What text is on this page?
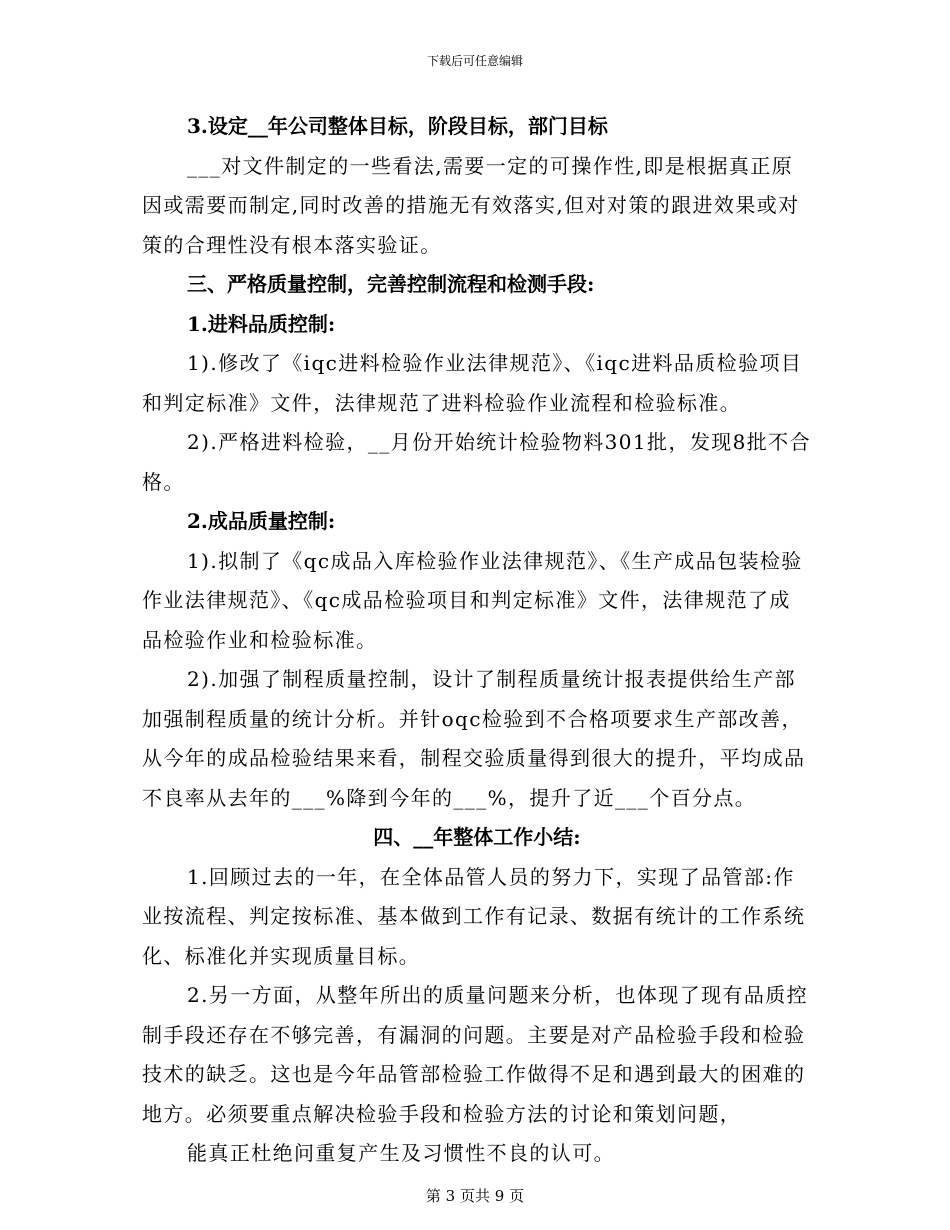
下载后可任意编辑

3.设定__年公司整体目标，阶段目标，部门目标

___对文件制定的一些看法,需要一定的可操作性,即是根据真正原因或需要而制定,同时改善的措施无有效落实,但对对策的跟进效果或对策的合理性没有根本落实验证。

三、严格质量控制，完善控制流程和检测手段:

1.进料品质控制:

1).修改了《iqc进料检验作业法律规范》、《iqc进料品质检验项目和判定标准》文件，法律规范了进料检验作业流程和检验标准。

2).严格进料检验，__月份开始统计检验物料301批，发现8批不合格。

2.成品质量控制:

1).拟制了《qc成品入库检验作业法律规范》、《生产成品包装检验作业法律规范》、《qc成品检验项目和判定标准》文件，法律规范了成品检验作业和检验标准。

2).加强了制程质量控制，设计了制程质量统计报表提供给生产部加强制程质量的统计分析。并针oqc检验到不合格项要求生产部改善，从今年的成品检验结果来看，制程交验质量得到很大的提升，平均成品不良率从去年的___%降到今年的___%，提升了近___个百分点。

四、__年整体工作小结:

1.回顾过去的一年，在全体品管人员的努力下，实现了品管部:作业按流程、判定按标准、基本做到工作有记录、数据有统计的工作系统化、标准化并实现质量目标。

2.另一方面，从整年所出的质量问题来分析，也体现了现有品质控制手段还存在不够完善，有漏洞的问题。主要是对产品检验手段和检验技术的缺乏。这也是今年品管部检验工作做得不足和遇到最大的困难的地方。必须要重点解决检验手段和检验方法的讨论和策划问题，

能真正杜绝问重复产生及习惯性不良的认可。

第 3 页共 9 页
